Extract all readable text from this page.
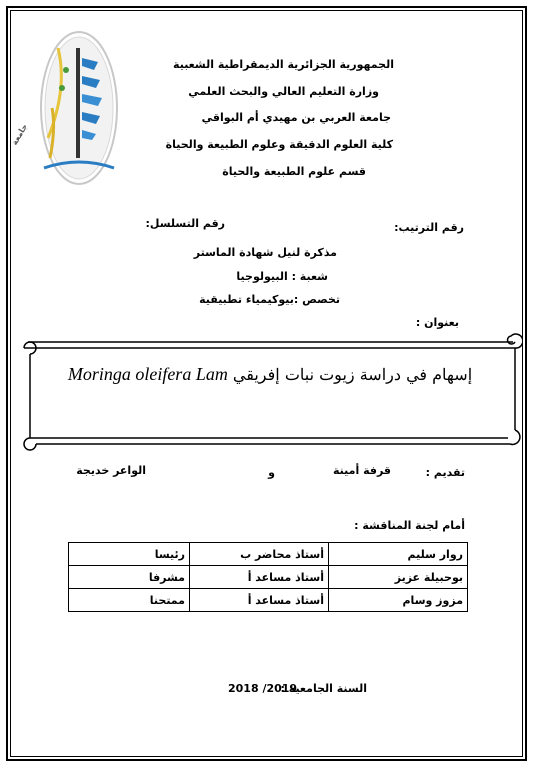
جامعة
الجمهورية الجزائرية الديمقراطية الشعبية
وزارة التعليم العالي والبحث العلمي
جامعة العربي بن مهيدي أم البواقي
كلية العلوم الدقيقة وعلوم الطبيعة والحياة
قسم علوم الطبيعة والحياة
رقم الترتيب:
رقم التسلسل:
مذكرة لنيل شهادة الماستر
شعبة : البيولوجيا
تخصص :بيوكيمياء تطبيقية
بعنوان :
إسهام في دراسة زيوت نبات إفريقي Moringa oleifera Lam
تقديم :
قرفة أمينة
و
الواعر خديجة
أمام لجنة المناقشة :
روار سليم	أستاذ محاضر ب	رئيسا
بوحبيلة عزيز	أستاذ مساعد أ	مشرفا
مزوز وسام	أستاذ مساعد أ	ممتحنا
السنة الجامعية :
2018 /2019
